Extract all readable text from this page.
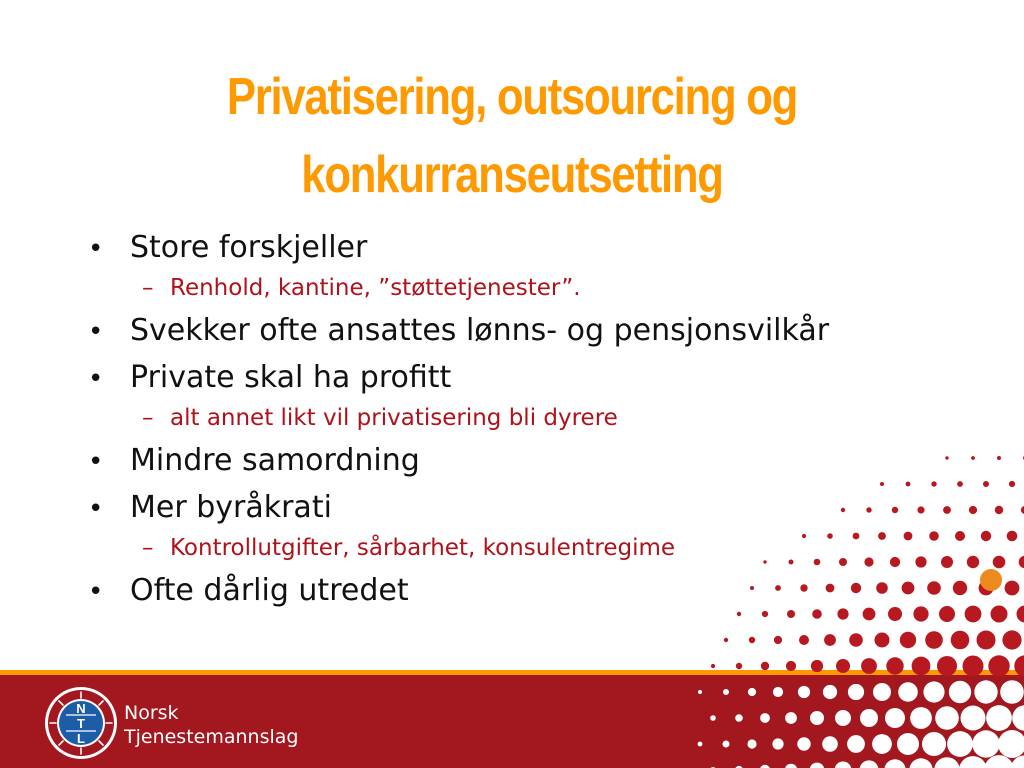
Privatisering, outsourcing og
konkurranseutsetting
• Store forskjeller
– Renhold, kantine, ”støttetjenester”.
• Svekker ofte ansattes lønns- og pensjonsvilkår
• Private skal ha profitt
– alt annet likt vil privatisering bli dyrere
• Mindre samordning
• Mer byråkrati
– Kontrollutgifter, sårbarhet, konsulentregime
• Ofte dårlig utredet
N
T
L
Norsk
Tjenestemannslag
